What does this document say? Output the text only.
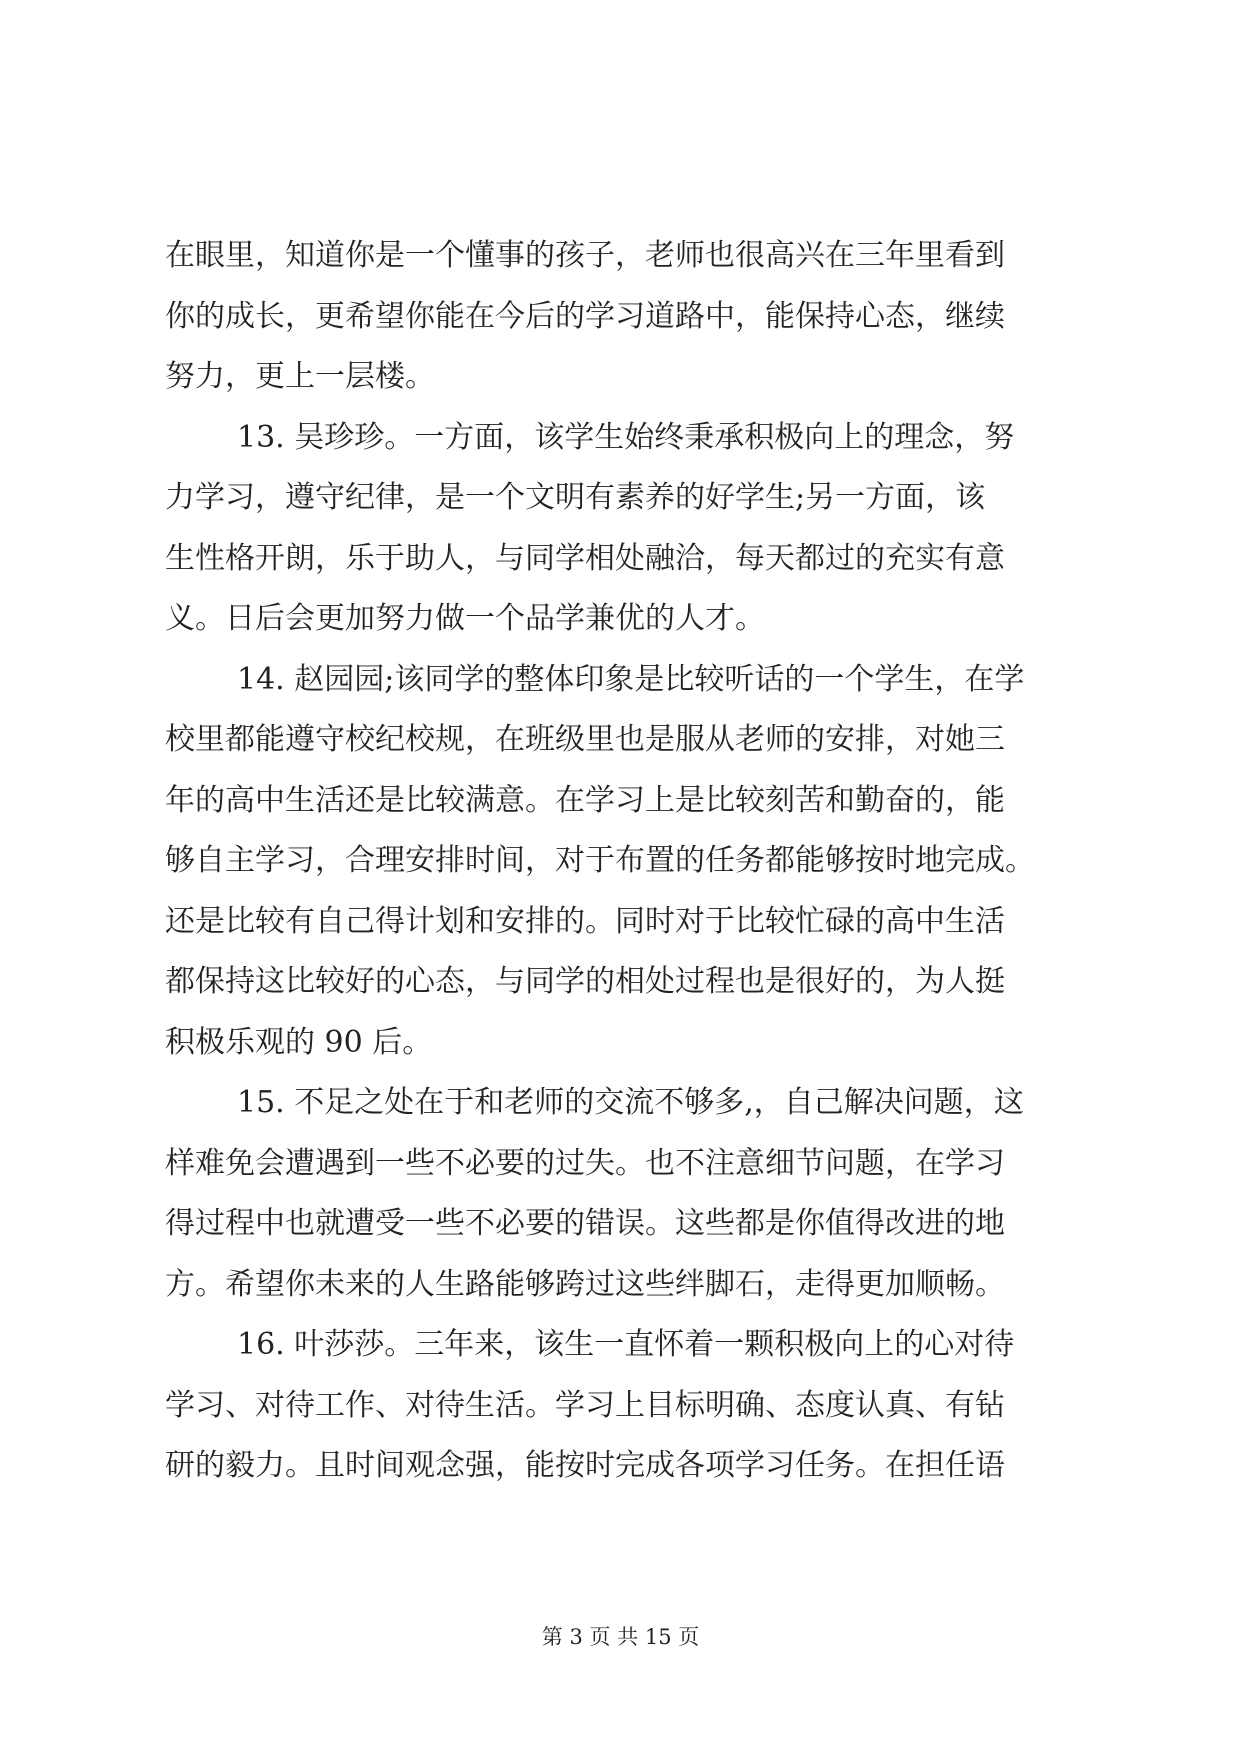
在眼里，知道你是一个懂事的孩子，老师也很高兴在三年里看到
你的成长，更希望你能在今后的学习道路中，能保持心态，继续
努力，更上一层楼。
13. 吴珍珍。一方面，该学生始终秉承积极向上的理念，努
力学习，遵守纪律，是一个文明有素养的好学生;另一方面，该
生性格开朗，乐于助人，与同学相处融洽，每天都过的充实有意
义。日后会更加努力做一个品学兼优的人才。
14. 赵园园;该同学的整体印象是比较听话的一个学生，在学
校里都能遵守校纪校规，在班级里也是服从老师的安排，对她三
年的高中生活还是比较满意。在学习上是比较刻苦和勤奋的，能
够自主学习，合理安排时间，对于布置的任务都能够按时地完成。
还是比较有自己得计划和安排的。同时对于比较忙碌的高中生活
都保持这比较好的心态，与同学的相处过程也是很好的，为人挺
积极乐观的 90 后。
15. 不足之处在于和老师的交流不够多,，自己解决问题，这
样难免会遭遇到一些不必要的过失。也不注意细节问题，在学习
得过程中也就遭受一些不必要的错误。这些都是你值得改进的地
方。希望你未来的人生路能够跨过这些绊脚石，走得更加顺畅。
16. 叶莎莎。三年来，该生一直怀着一颗积极向上的心对待
学习、对待工作、对待生活。学习上目标明确、态度认真、有钻
研的毅力。且时间观念强，能按时完成各项学习任务。在担任语
第 3 页 共 15 页
